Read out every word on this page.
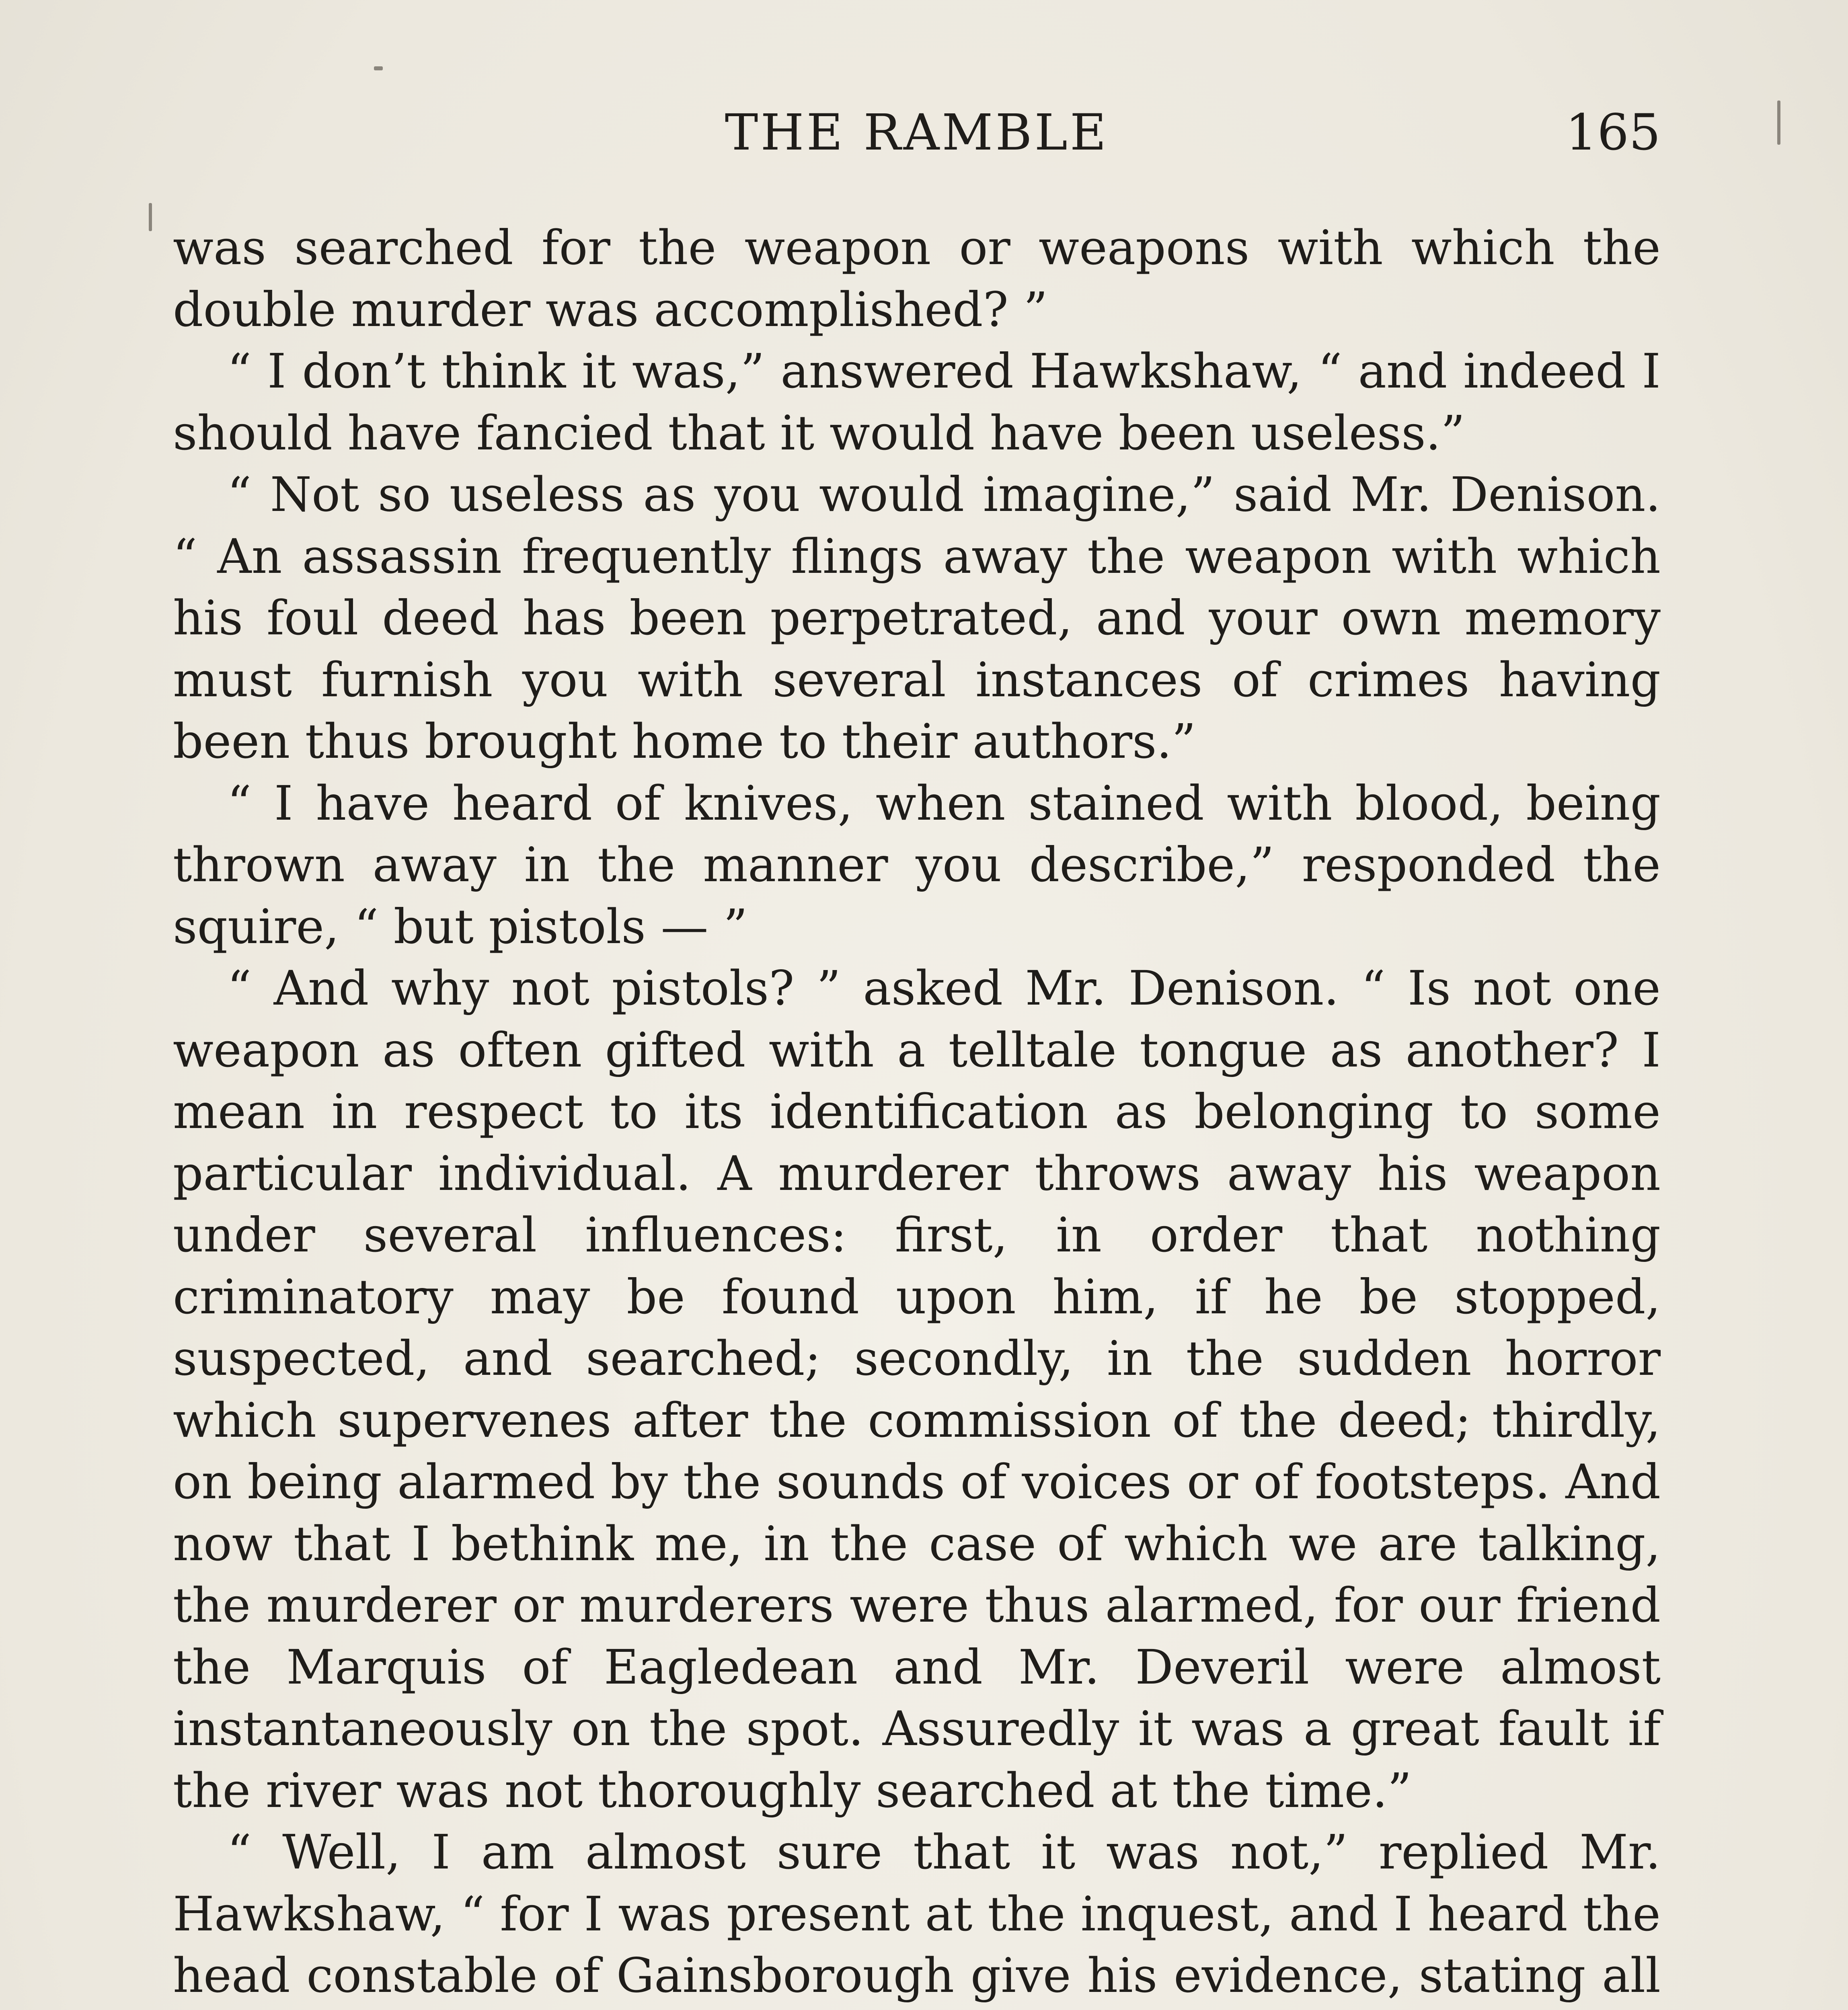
THE RAMBLE	165

was searched for the weapon or weapons with which the double murder was accomplished? ”

“ I don’t think it was,” answered Hawkshaw, “ and indeed I should have fancied that it would have been useless.”

“ Not so useless as you would imagine,” said Mr. Denison. “ An assassin frequently flings away the weapon with which his foul deed has been perpetrated, and your own memory must furnish you with several instances of crimes having been thus brought home to their authors.”

“ I have heard of knives, when stained with blood, being thrown away in the manner you describe,” responded the squire, “ but pistols — ”

“ And why not pistols? ” asked Mr. Denison. “ Is not one weapon as often gifted with a telltale tongue as another? I mean in respect to its identification as belonging to some particular individual. A murderer throws away his weapon under several influences: first, in order that nothing criminatory may be found upon him, if he be stopped, suspected, and searched; secondly, in the sudden horror which supervenes after the commission of the deed; thirdly, on being alarmed by the sounds of voices or of footsteps. And now that I bethink me, in the case of which we are talking, the murderer or murderers were thus alarmed, for our friend the Marquis of Eagledean and Mr. Deveril were almost instantaneously on the spot. Assuredly it was a great fault if the river was not thoroughly searched at the time.”

“ Well, I am almost sure that it was not,” replied Mr. Hawkshaw, “ for I was present at the inquest, and I heard the head constable of Gainsborough give his evidence, stating all
